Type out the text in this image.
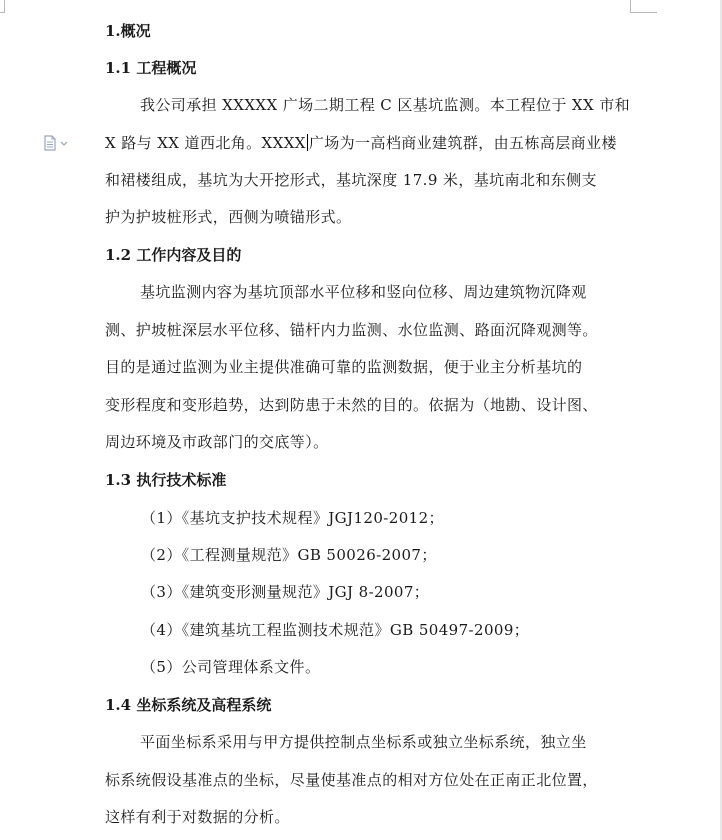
1.概况
1.1 工程概况
我公司承担 XXXXX 广场二期工程 C 区基坑监测。本工程位于 XX 市和
X 路与 XX 道西北角。XXXX 广场为一高档商业建筑群，由五栋高层商业楼
和裙楼组成，基坑为大开挖形式，基坑深度 17.9 米，基坑南北和东侧支
护为护坡桩形式，西侧为喷锚形式。
1.2 工作内容及目的
基坑监测内容为基坑顶部水平位移和竖向位移、周边建筑物沉降观
测、护坡桩深层水平位移、锚杆内力监测、水位监测、路面沉降观测等。
目的是通过监测为业主提供准确可靠的监测数据，便于业主分析基坑的
变形程度和变形趋势，达到防患于未然的目的。依据为（地勘、设计图、
周边环境及市政部门的交底等）。
1.3 执行技术标准
（1）《基坑支护技术规程》JGJ120-2012；
（2）《工程测量规范》GB 50026-2007；
（3）《建筑变形测量规范》JGJ 8-2007；
（4）《建筑基坑工程监测技术规范》GB 50497-2009；
（5）公司管理体系文件。
1.4 坐标系统及高程系统
平面坐标系采用与甲方提供控制点坐标系或独立坐标系统，独立坐
标系统假设基准点的坐标，尽量使基准点的相对方位处在正南正北位置，
这样有利于对数据的分析。
